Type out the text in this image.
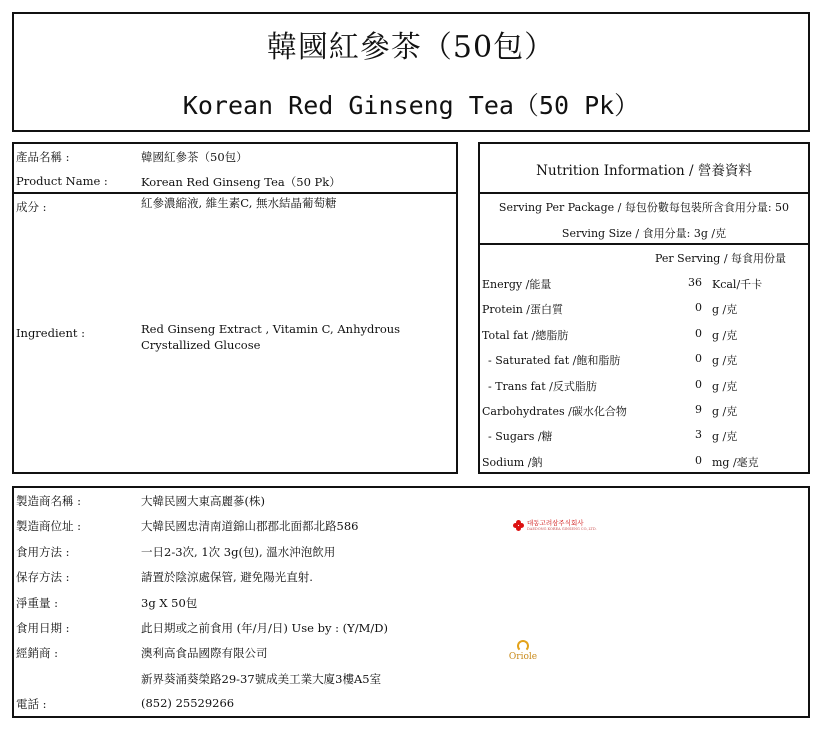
韓國紅參茶（50包）
Korean Red Ginseng Tea（50 Pk）
產品名稱 :	韓國紅參茶（50包）
Product Name :	Korean Red Ginseng Tea（50 Pk）
成分 :	紅參濃縮液, 維生素C, 無水結晶葡萄糖
Ingredient :	Red Ginseng Extract , Vitamin C, Anhydrous
Crystallized Glucose
Nutrition Information / 營養資料
Serving Per Package / 每包份數每包裝所含食用分量: 50
Serving Size / 食用分量: 3g /克
Per Serving / 每食用份量
Energy /能量	36 Kcal/千卡
Protein /蛋白質	0 g /克
Total fat /總脂肪	0 g /克
- Saturated fat /飽和脂肪	0 g /克
- Trans fat /反式脂肪	0 g /克
Carbohydrates /碳水化合物	9 g /克
- Sugars /糖	3 g /克
Sodium /鈉	0 mg /毫克
製造商名稱 :	大韓民國大東高麗蔘(株)
製造商位址 :	大韓民國忠清南道錦山郡郡北面都北路586
食用方法 :	一日2-3次, 1次 3g(包), 溫水沖泡飲用
保存方法 :	請置於陰涼處保管, 避免陽光直射.
淨重量 :	3g X 50包
食用日期 :	此日期或之前食用 (年/月/日) Use by : (Y/M/D)
經銷商 :	澳利高食品國際有限公司
新界葵涌葵榮路29-37號成美工業大廈3樓A5室
電話 :	(852) 25529266
대동고려삼주식회사
DAEDONG KOREA GINSENG CO.,LTD.
Oriole
